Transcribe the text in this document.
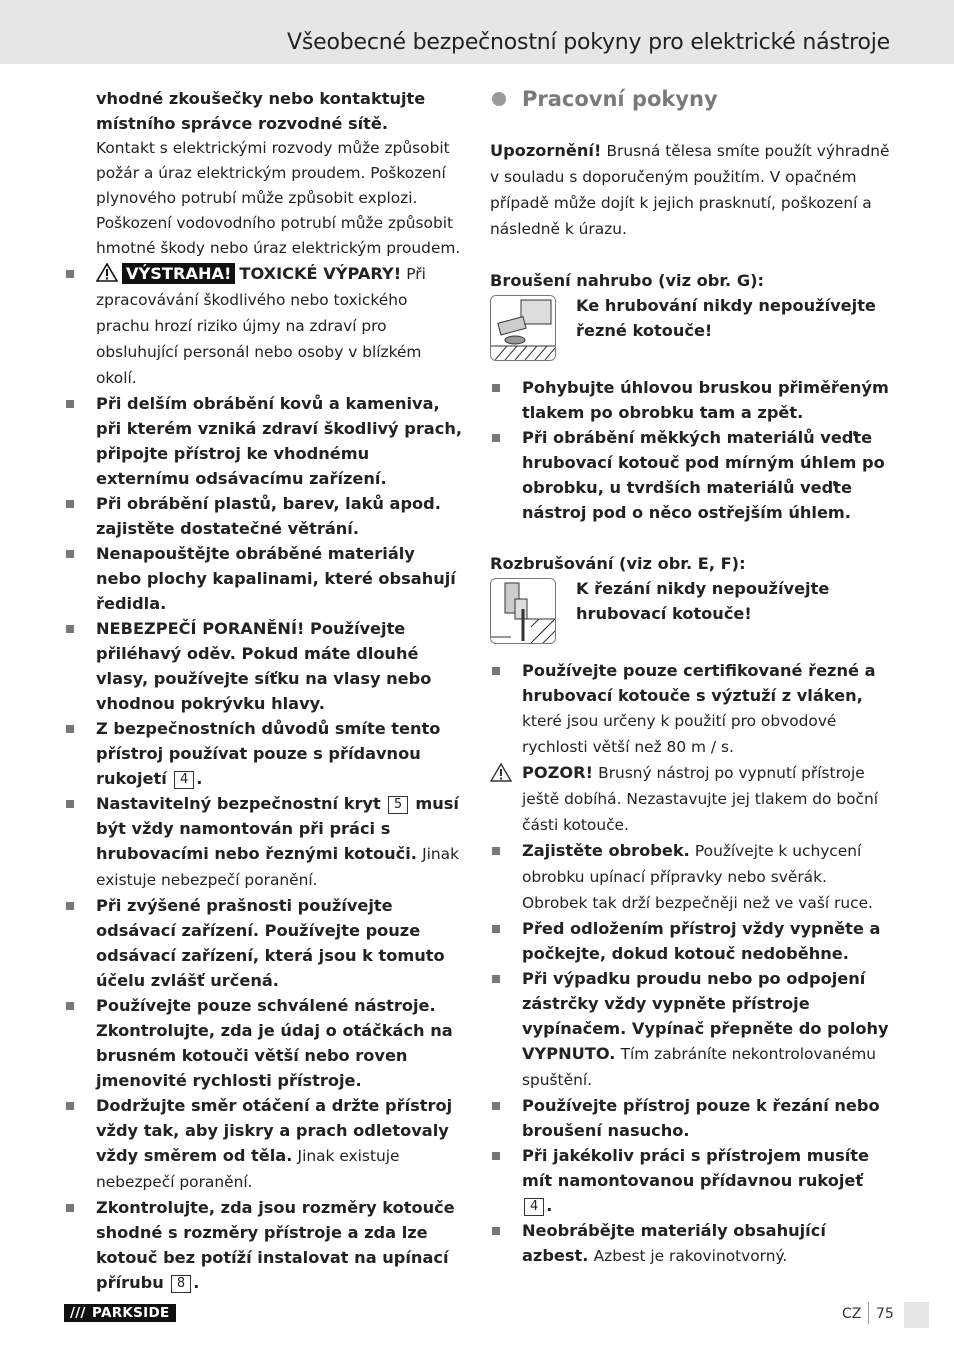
Všeobecné bezpečnostní pokyny pro elektrické nástroje

vhodné zkoušečky nebo kontaktujte místního správce rozvodné sítě.

Kontakt s elektrickými rozvody může způsobit požár a úraz elektrickým proudem. Poškození plynového potrubí může způsobit explozi. Poškození vodovodního potrubí může způsobit hmotné škody nebo úraz elektrickým proudem.

VÝSTRAHA! TOXICKÉ VÝPARY! Při zpracovávání škodlivého nebo toxického prachu hrozí riziko újmy na zdraví pro obsluhující personál nebo osoby v blízkém okolí.
Při delším obrábění kovů a kameniva, při kterém vzniká zdraví škodlivý prach, připojte přístroj ke vhodnému externímu odsávacímu zařízení.
Při obrábění plastů, barev, laků apod. zajistěte dostatečné větrání.
Nenapouštějte obráběné materiály nebo plochy kapalinami, které obsahují ředidla.
NEBEZPEČÍ PORANĚNÍ! Používejte přiléhavý oděv. Pokud máte dlouhé vlasy, používejte síťku na vlasy nebo vhodnou pokrývku hlavy.
Z bezpečnostních důvodů smíte tento přístroj používat pouze s přídavnou rukojetí 4 .
Nastavitelný bezpečnostní kryt 5 musí být vždy namontován při práci s hrubovacími nebo řeznými kotouči. Jinak existuje nebezpečí poranění.
Při zvýšené prašnosti používejte odsávací zařízení. Používejte pouze odsávací zařízení, která jsou k tomuto účelu zvlášť určená.
Používejte pouze schválené nástroje. Zkontrolujte, zda je údaj o otáčkách na brusném kotouči větší nebo roven jmenovité rychlosti přístroje.
Dodržujte směr otáčení a držte přístroj vždy tak, aby jiskry a prach odletovaly vždy směrem od těla. Jinak existuje nebezpečí poranění.
Zkontrolujte, zda jsou rozměry kotouče shodné s rozměry přístroje a zda lze kotouč bez potíží instalovat na upínací přírubu 8 .
Pracovní pokyny

Upozornění! Brusná tělesa smíte použít výhradně v souladu s doporučeným použitím. V opačném případě může dojít k jejich prasknutí, poškození a následně k úrazu.

Broušení nahrubo (viz obr. G):

Ke hrubování nikdy nepoužívejte řezné kotouče!
Pohybujte úhlovou bruskou přiměřeným tlakem po obrobku tam a zpět.
Při obrábění měkkých materiálů veďte hrubovací kotouč pod mírným úhlem po obrobku, u tvrdších materiálů veďte nástroj pod o něco ostřejším úhlem.

Rozbrušování (viz obr. E, F):

K řezání nikdy nepoužívejte hrubovací kotouče!
Používejte pouze certifikované řezné a hrubovací kotouče s výztuží z vláken, které jsou určeny k použití pro obvodové rychlosti větší než 80 m / s.
POZOR! Brusný nástroj po vypnutí přístroje ještě dobíhá. Nezastavujte jej tlakem do boční části kotouče.
Zajistěte obrobek. Používejte k uchycení obrobku upínací přípravky nebo svěrák. Obrobek tak drží bezpečněji než ve vaší ruce.
Před odložením přístroj vždy vypněte a počkejte, dokud kotouč nedoběhne.
Při výpadku proudu nebo po odpojení zástrčky vždy vypněte přístroje vypínačem. Vypínač přepněte do polohy VYPNUTO. Tím zabráníte nekontrolovanému spuštění.
Používejte přístroj pouze k řezání nebo broušení nasucho.
Při jakékoliv práci s přístrojem musíte mít namontovanou přídavnou rukojeť 4 .
Neobrábějte materiály obsahující azbest. Azbest je rakovinotvorný.
/// PARKSIDE	CZ 75
